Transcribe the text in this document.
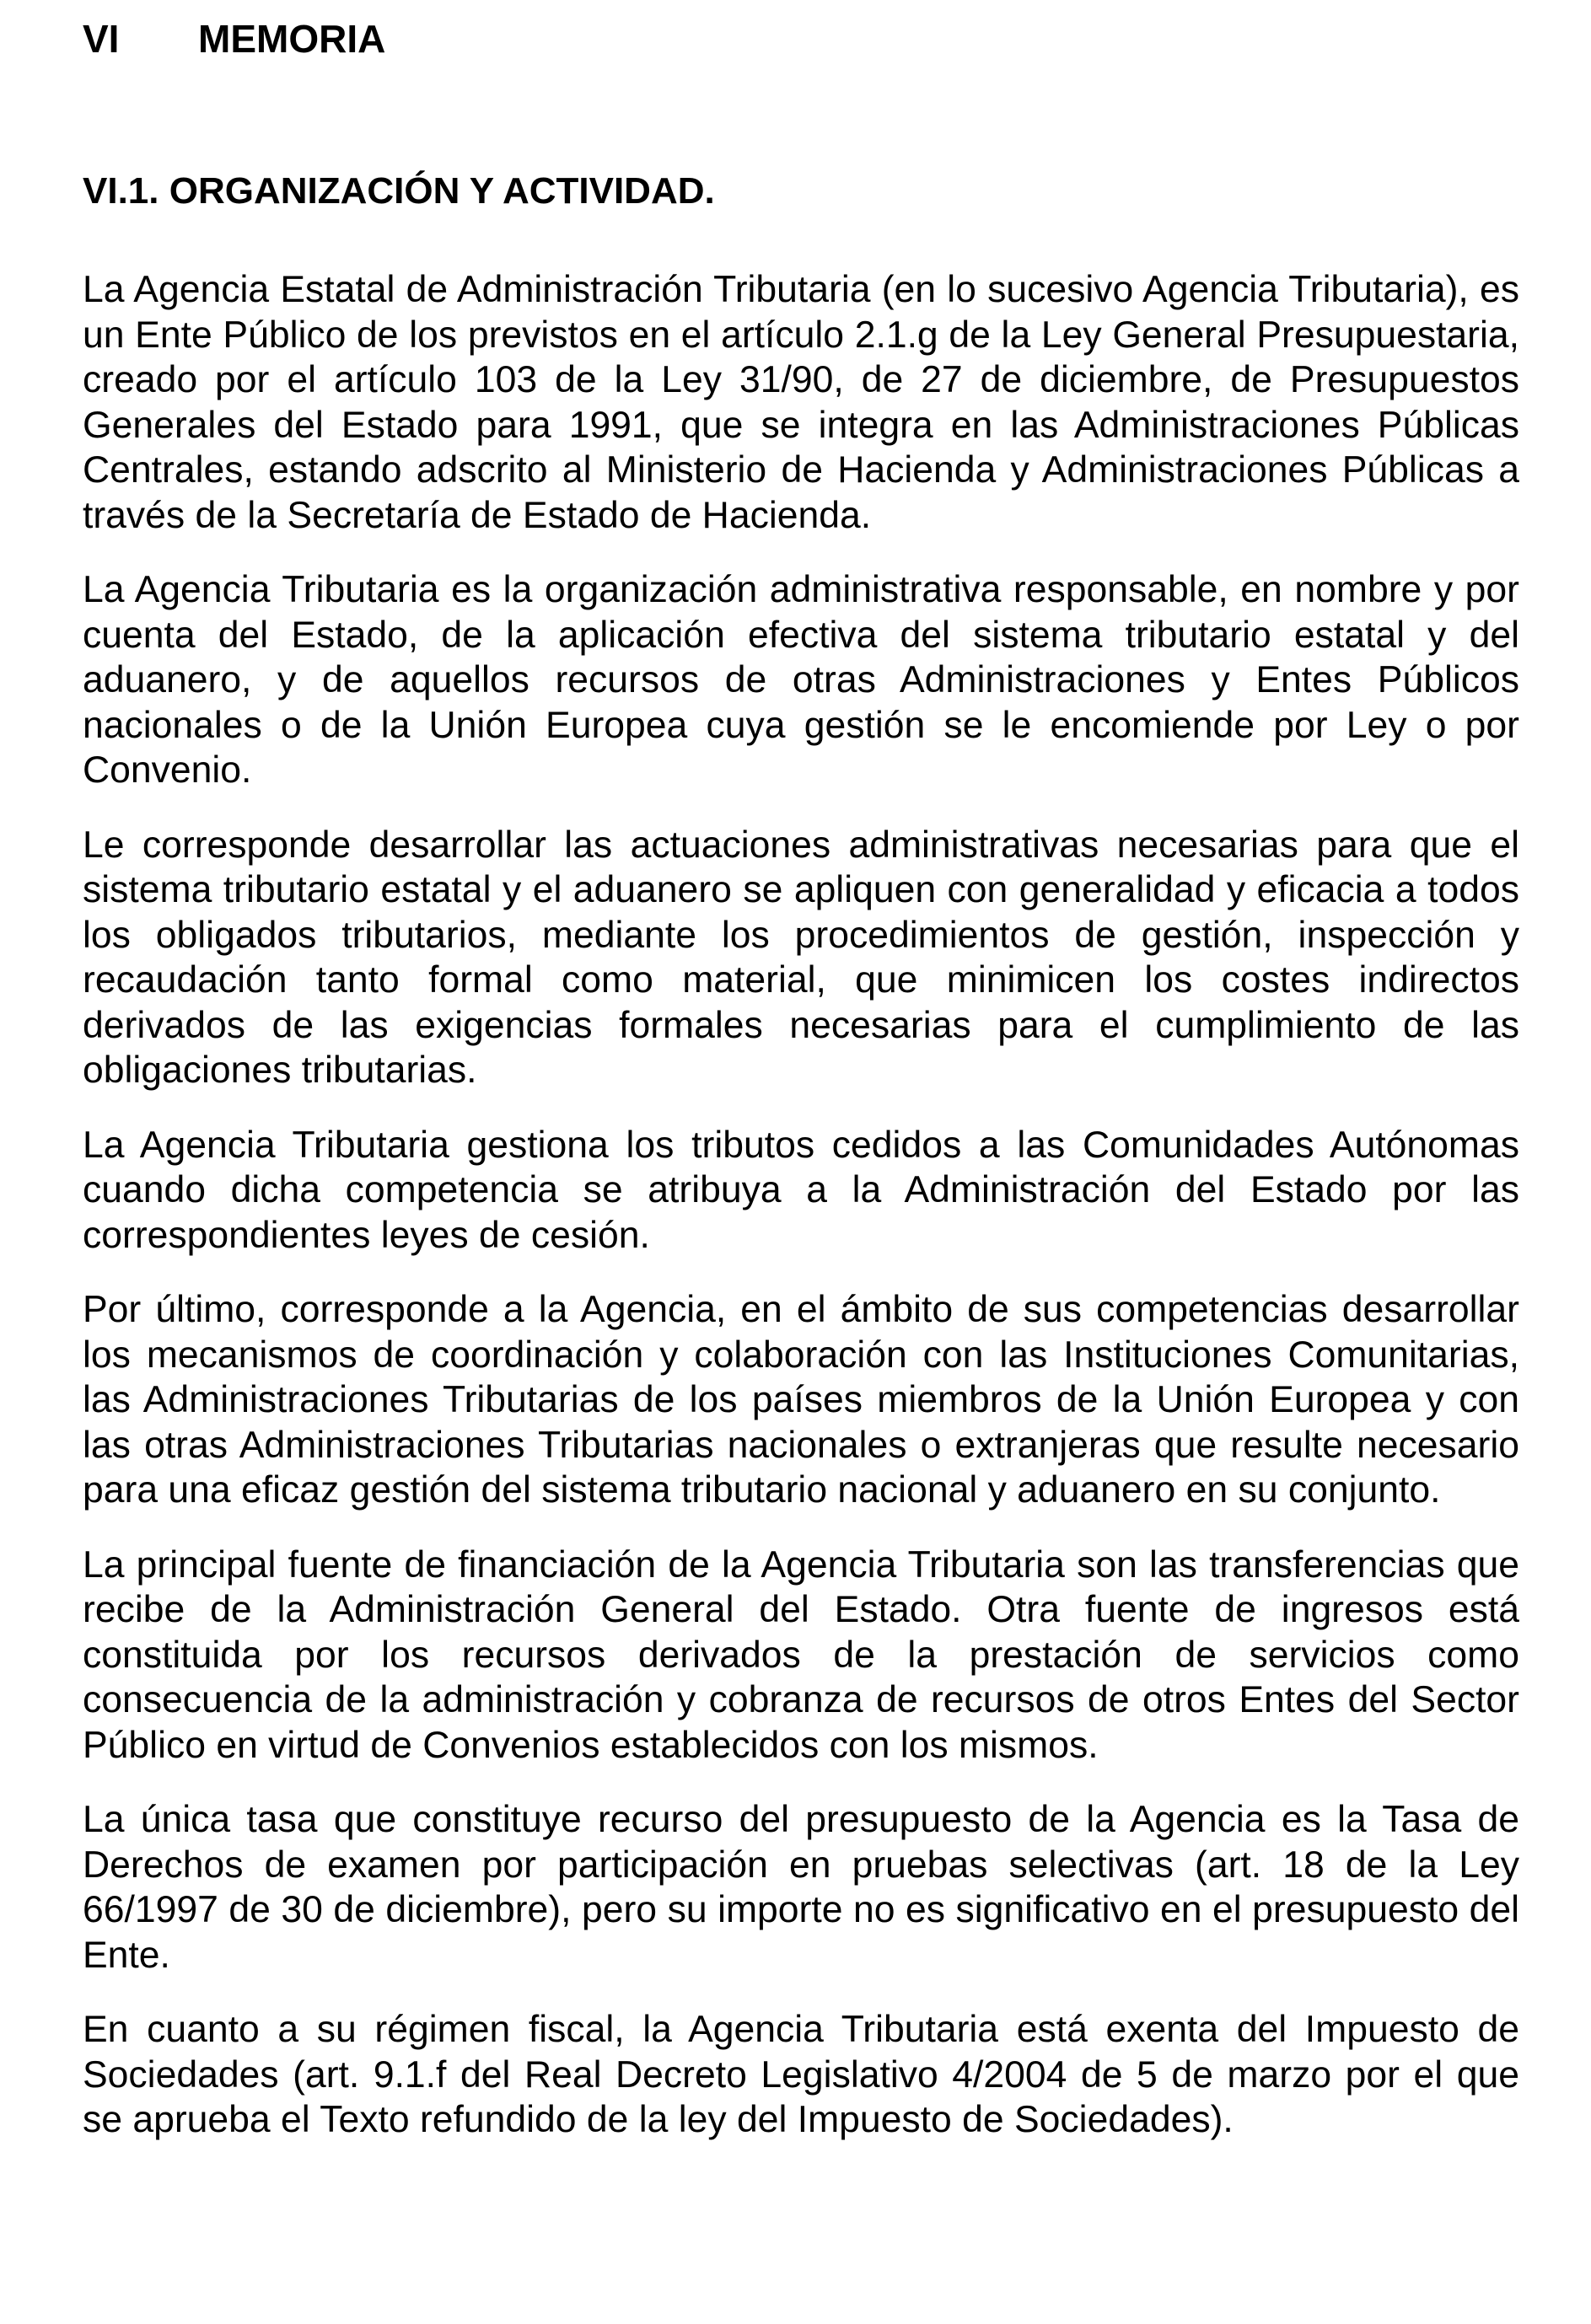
VI	MEMORIA
VI.1. ORGANIZACIÓN Y ACTIVIDAD.

La Agencia Estatal de Administración Tributaria (en lo sucesivo Agencia Tributaria), es un Ente Público de los previstos en el artículo 2.1.g de la Ley General Presupuestaria, creado por el artículo 103 de la Ley 31/90, de 27 de diciembre, de Presupuestos Generales del Estado para 1991, que se integra en las Administraciones Públicas Centrales, estando adscrito al Ministerio de Hacienda y Administraciones Públicas a través de la Secretaría de Estado de Hacienda.

La Agencia Tributaria es la organización administrativa responsable, en nombre y por cuenta del Estado, de la aplicación efectiva del sistema tributario estatal y del aduanero, y de aquellos recursos de otras Administraciones y Entes Públicos nacionales o de la Unión Europea cuya gestión se le encomiende por Ley o por Convenio.

Le corresponde desarrollar las actuaciones administrativas necesarias para que el sistema tributario estatal y el aduanero se apliquen con generalidad y eficacia a todos los obligados tributarios, mediante los procedimientos de gestión, inspección y recaudación tanto formal como material, que minimicen los costes indirectos derivados de las exigencias formales necesarias para el cumplimiento de las obligaciones tributarias.

La Agencia Tributaria gestiona los tributos cedidos a las Comunidades Autónomas cuando dicha competencia se atribuya a la Administración del Estado por las correspondientes leyes de cesión.

Por último, corresponde a la Agencia, en el ámbito de sus competencias desarrollar los mecanismos de coordinación y colaboración con las Instituciones Comunitarias, las Administraciones Tributarias de los países miembros de la Unión Europea y con las otras Administraciones Tributarias nacionales o extranjeras que resulte necesario para una eficaz gestión del sistema tributario nacional y aduanero en su conjunto.

La principal fuente de financiación de la Agencia Tributaria son las transferencias que recibe de la Administración General del Estado. Otra fuente de ingresos está constituida por los recursos derivados de la prestación de servicios como consecuencia de la administración y cobranza de recursos de otros Entes del Sector Público en virtud de Convenios establecidos con los mismos.

La única tasa que constituye recurso del presupuesto de la Agencia es la Tasa de Derechos de examen por participación en pruebas selectivas (art. 18 de la Ley 66/1997 de 30 de diciembre), pero su importe no es significativo en el presupuesto del Ente.

En cuanto a su régimen fiscal, la Agencia Tributaria está exenta del Impuesto de Sociedades (art. 9.1.f del Real Decreto Legislativo 4/2004 de 5 de marzo por el que se aprueba el Texto refundido de la ley del Impuesto de Sociedades).
